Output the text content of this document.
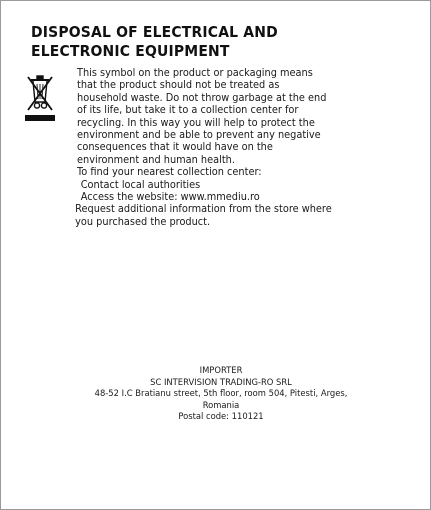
DISPOSAL OF ELECTRICAL AND ELECTRONIC EQUIPMENT

This symbol on the product or packaging means that the product should not be treated as household waste. Do not throw garbage at the end of its life, but take it to a collection center for recycling. In this way you will help to protect the environment and be able to prevent any negative consequences that it would have on the environment and human health.

To find your nearest collection center:

Contact local authorities
Access the website: www.mmediu.ro
Request additional information from the store where you purchased the product.
IMPORTER
SC INTERVISION TRADING-RO SRL
48-52 I.C Bratianu street, 5th floor, room 504, Pitesti, Arges,
Romania
Postal code: 110121
